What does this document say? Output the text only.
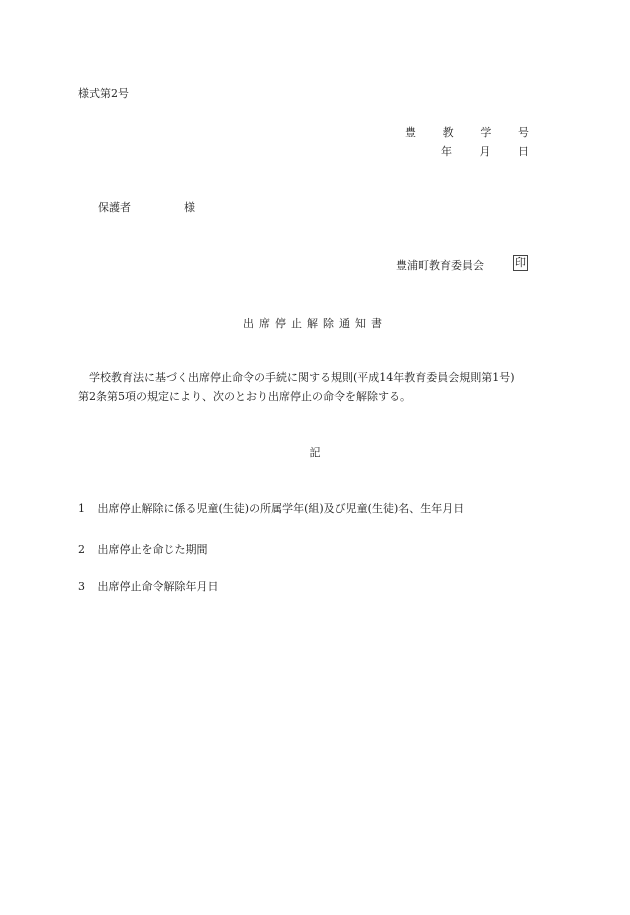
様式第2号
豊 教 学 号
年	月	日
保護者	様
豊浦町教育委員会	印
出席停止解除通知書

学校教育法に基づく出席停止命令の手続に関する規則(平成14年教育委員会規則第1号)

第2条第5項の規定により、次のとおり出席停止の命令を解除する。

記
1 出席停止解除に係る児童(生徒)の所属学年(組)及び児童(生徒)名、生年月日
2 出席停止を命じた期間
3 出席停止命令解除年月日
